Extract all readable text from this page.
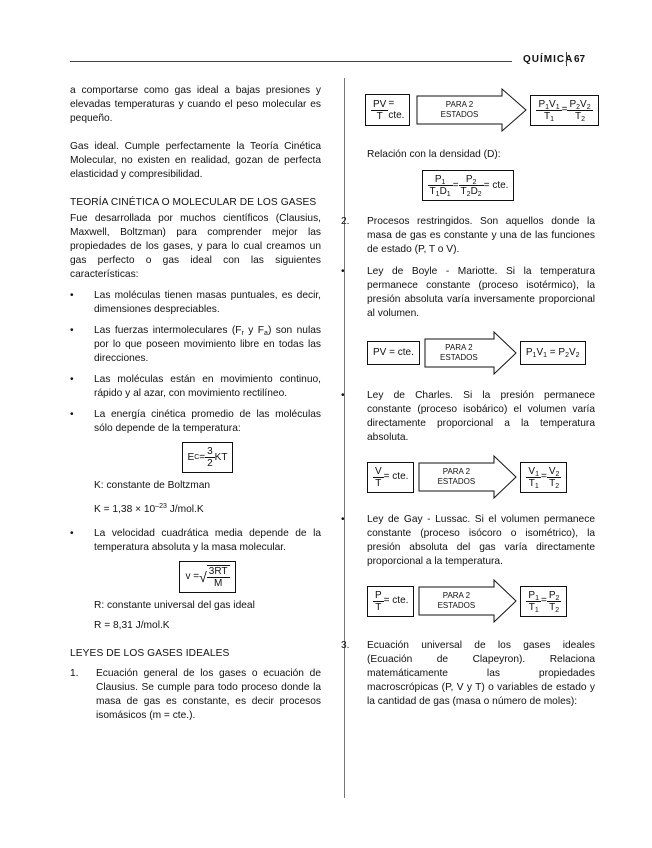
QUÍMICA 67

a comportarse como gas ideal a bajas presiones y elevadas temperaturas y cuando el peso molecular es pequeño.

Gas ideal. Cumple perfectamente la Teoría Cinética Molecular, no existen en realidad, gozan de perfecta elasticidad y compresibilidad.

TEORÍA CINÉTICA O MOLECULAR DE LOS GASES

Fue desarrollada por muchos científicos (Clausius, Maxwell, Boltzman) para comprender mejor las propiedades de los gases, y para lo cual creamos un gas perfecto o gas ideal con las siguientes características:

• Las moléculas tienen masas puntuales, es decir, dimensiones despreciables.

• Las fuerzas intermoleculares ($F_r$ y $F_a$) son nulas por lo que poseen movimiento libre en todas las direcciones.

• Las moléculas están en movimiento continuo, rápido y al azar, con movimiento rectilíneo.

• La energía cinética promedio de las moléculas sólo depende de la temperatura:

E $C = \frac{3}{2}$ KT

K: constante de Boltzman

$K = 1,38 \times 10^{-23}$ J/mol.K

• La velocidad cuadrática media depende de la temperatura absoluta y la masa molecular.

v = √ $\frac{3RT}{M}$

R: constante universal del gas ideal

R = 8,31 J/mol.K

LEYES DE LOS GASES IDEALES
1. Ecuación general de los gases o ecuación de Clausius. Se cumple para todo proceso donde la masa de gas es constante, es decir procesos isomásicos (m = cte.).

$\frac{PV}{T}$ = cte.
PARA 2
ESTADOS	$\frac{P_1V_1}{T_1} = \frac{P_2V_2}{T_2}$

Relación con la densidad (D):

$\frac{P_1}{T_1D_1} = \frac{P_2}{T_2D_2}$ = cte.
2. Procesos restringidos. Son aquellos donde la masa de gas es constante y una de las funciones de estado (P, T o V).

• Ley de Boyle - Mariotte. Si la temperatura permanece constante (proceso isotérmico), la presión absoluta varía inversamente proporcional al volumen.

PV = cte.	PARA 2
ESTADOS	$P_1V_1 = P_2V_2$
• Ley de Charles. Si la presión permanece constante (proceso isobárico) el volumen varía directamente proporcional a la temperatura absoluta.

$\frac{V}{T}$ = cte.	PARA 2
ESTADOS	$\frac{V_1}{T_1} = \frac{V_2}{T_2}$
• Ley de Gay - Lussac. Si el volumen permanece constante (proceso isócoro o isométrico), la presión absoluta del gas varía directamente proporcional a la temperatura.

$\frac{P}{T}$ = cte.	PARA 2
ESTADOS	$\frac{P_1}{T_1} = \frac{P_2}{T_2}$
3. Ecuación universal de los gases ideales (Ecuación de Clapeyron). Relaciona matemáticamente las propiedades macroscrópicas (P, V y T) o variables de estado y la cantidad de gas (masa o número de moles):
